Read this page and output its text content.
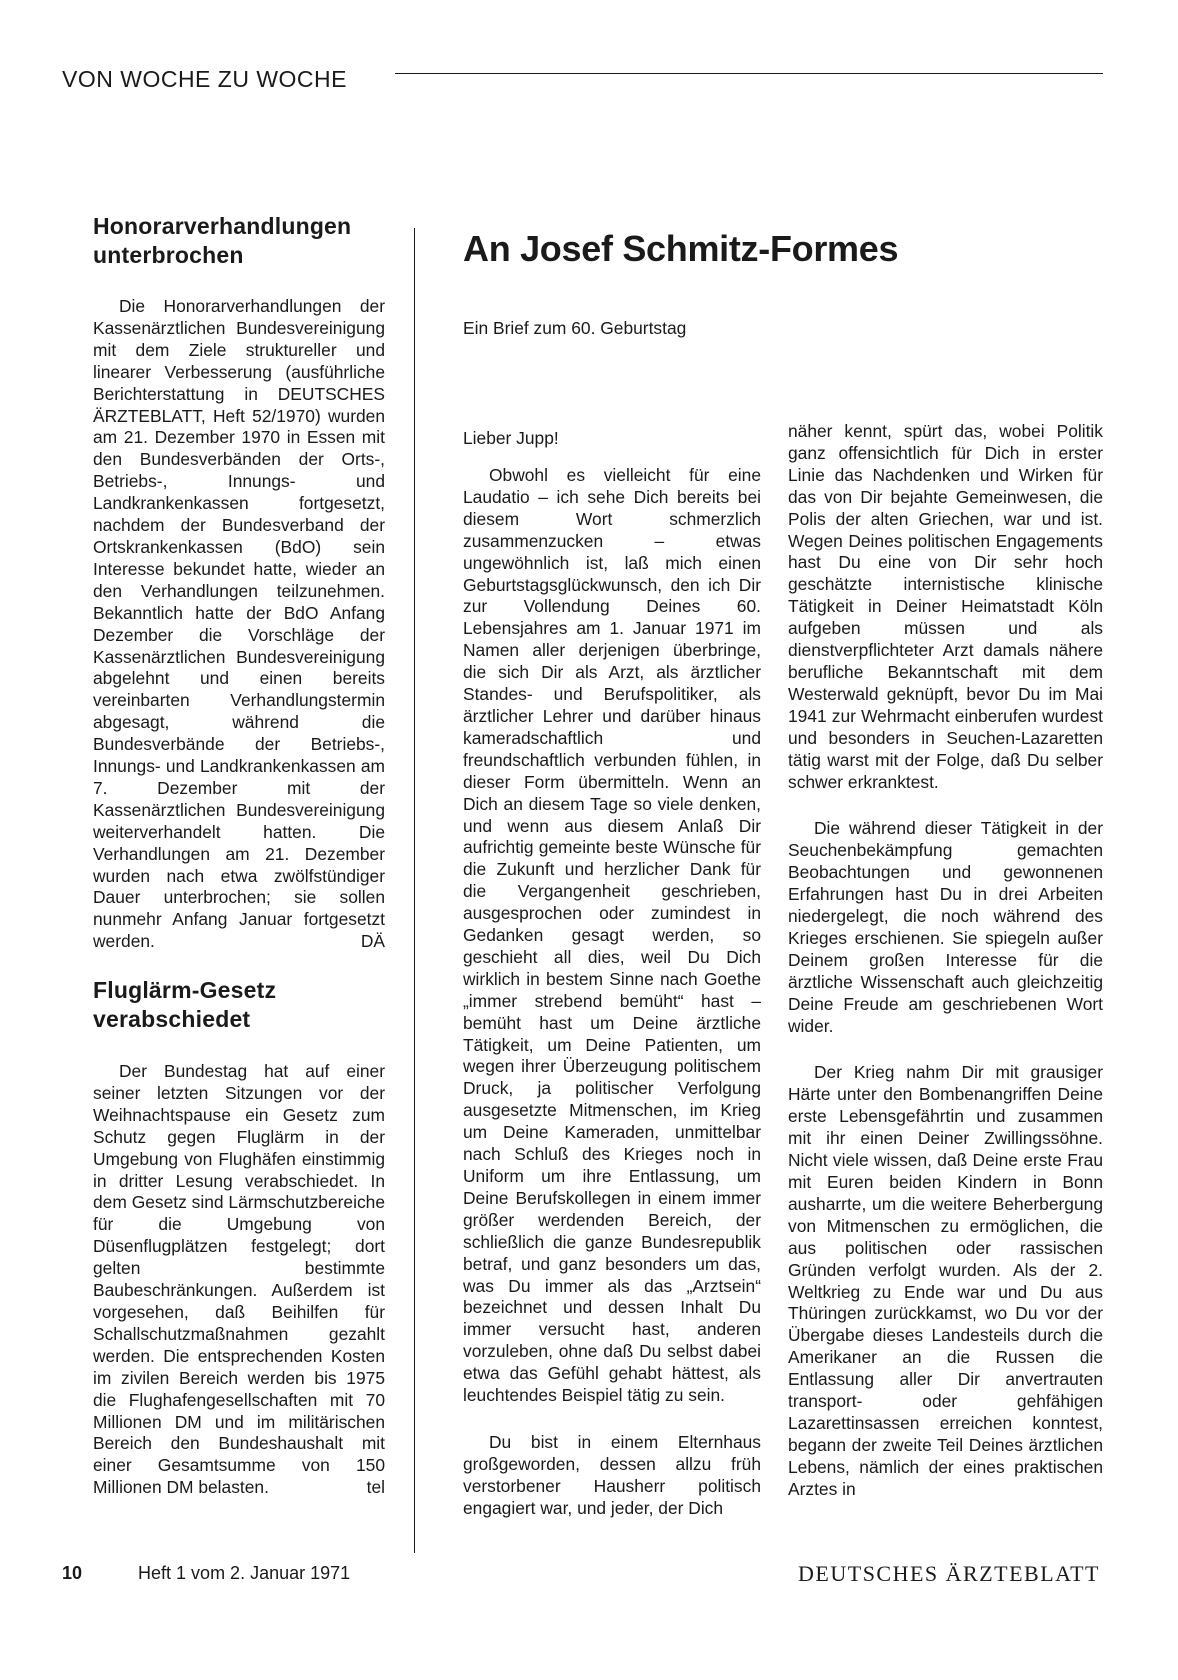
VON WOCHE ZU WOCHE
Honorarverhandlungen
unterbrochen

Die Honorarverhandlungen der Kassenärztlichen Bundesvereinigung mit dem Ziele struktureller und linearer Verbesserung (ausführliche Berichterstattung in DEUTSCHES ÄRZTEBLATT, Heft 52/1970) wurden am 21. Dezember 1970 in Essen mit den Bundesverbänden der Orts-, Betriebs-, Innungs- und Landkrankenkassen fortgesetzt, nachdem der Bundesverband der Ortskrankenkassen (BdO) sein Interesse bekundet hatte, wieder an den Verhandlungen teilzunehmen. Bekanntlich hatte der BdO Anfang Dezember die Vorschläge der Kassenärztlichen Bundesvereinigung abgelehnt und einen bereits vereinbarten Verhandlungstermin abgesagt, während die Bundesverbände der Betriebs-, Innungs- und Landkrankenkassen am 7. Dezember mit der Kassenärztlichen Bundesvereinigung weiterverhandelt hatten. Die Verhandlungen am 21. Dezember wurden nach etwa zwölfstündiger Dauer unterbrochen; sie sollen nunmehr Anfang Januar fortgesetzt werden.	DÄ

Fluglärm-Gesetz
verabschiedet

Der Bundestag hat auf einer seiner letzten Sitzungen vor der Weihnachtspause ein Gesetz zum Schutz gegen Fluglärm in der Umgebung von Flughäfen einstimmig in dritter Lesung verabschiedet. In dem Gesetz sind Lärmschutzbereiche für die Umgebung von Düsenflugplätzen festgelegt; dort gelten bestimmte Baubeschränkungen. Außerdem ist vorgesehen, daß Beihilfen für Schallschutzmaßnahmen gezahlt werden. Die entsprechenden Kosten im zivilen Bereich werden bis 1975 die Flughafengesellschaften mit 70 Millionen DM und im militärischen Bereich den Bundeshaushalt mit einer Gesamtsumme von 150 Millionen DM belasten.	tel

An Josef Schmitz-Formes
Ein Brief zum 60. Geburtstag
Lieber Jupp!

Obwohl es vielleicht für eine Laudatio – ich sehe Dich bereits bei diesem Wort schmerzlich zusammenzucken – etwas ungewöhnlich ist, laß mich einen Geburtstagsglückwunsch, den ich Dir zur Vollendung Deines 60. Lebensjahres am 1. Januar 1971 im Namen aller derjenigen überbringe, die sich Dir als Arzt, als ärztlicher Standes- und Berufspolitiker, als ärztlicher Lehrer und darüber hinaus kameradschaftlich und freundschaftlich verbunden fühlen, in dieser Form übermitteln. Wenn an Dich an diesem Tage so viele denken, und wenn aus diesem Anlaß Dir aufrichtig gemeinte beste Wünsche für die Zukunft und herzlicher Dank für die Vergangenheit geschrieben, ausgesprochen oder zumindest in Gedanken gesagt werden, so geschieht all dies, weil Du Dich wirklich in bestem Sinne nach Goethe „immer strebend bemüht“ hast – bemüht hast um Deine ärztliche Tätigkeit, um Deine Patienten, um wegen ihrer Überzeugung politischem Druck, ja politischer Verfolgung ausgesetzte Mitmenschen, im Krieg um Deine Kameraden, unmittelbar nach Schluß des Krieges noch in Uniform um ihre Entlassung, um Deine Berufskollegen in einem immer größer werdenden Bereich, der schließlich die ganze Bundesrepublik betraf, und ganz besonders um das, was Du immer als das „Arztsein“ bezeichnet und dessen Inhalt Du immer versucht hast, anderen vorzuleben, ohne daß Du selbst dabei etwa das Gefühl gehabt hättest, als leuchtendes Beispiel tätig zu sein.

Du bist in einem Elternhaus großgeworden, dessen allzu früh verstorbener Hausherr politisch engagiert war, und jeder, der Dich

näher kennt, spürt das, wobei Politik ganz offensichtlich für Dich in erster Linie das Nachdenken und Wirken für das von Dir bejahte Gemeinwesen, die Polis der alten Griechen, war und ist. Wegen Deines politischen Engagements hast Du eine von Dir sehr hoch geschätzte internistische klinische Tätigkeit in Deiner Heimatstadt Köln aufgeben müssen und als dienstverpflichteter Arzt damals nähere berufliche Bekanntschaft mit dem Westerwald geknüpft, bevor Du im Mai 1941 zur Wehrmacht einberufen wurdest und besonders in Seuchen-Lazaretten tätig warst mit der Folge, daß Du selber schwer erkranktest.

Die während dieser Tätigkeit in der Seuchenbekämpfung gemachten Beobachtungen und gewonnenen Erfahrungen hast Du in drei Arbeiten niedergelegt, die noch während des Krieges erschienen. Sie spiegeln außer Deinem großen Interesse für die ärztliche Wissenschaft auch gleichzeitig Deine Freude am geschriebenen Wort wider.

Der Krieg nahm Dir mit grausiger Härte unter den Bombenangriffen Deine erste Lebensgefährtin und zusammen mit ihr einen Deiner Zwillingssöhne. Nicht viele wissen, daß Deine erste Frau mit Euren beiden Kindern in Bonn ausharrte, um die weitere Beherbergung von Mitmenschen zu ermöglichen, die aus politischen oder rassischen Gründen verfolgt wurden. Als der 2. Weltkrieg zu Ende war und Du aus Thüringen zurückkamst, wo Du vor der Übergabe dieses Landesteils durch die Amerikaner an die Russen die Entlassung aller Dir anvertrauten transport- oder gehfähigen Lazarettinsassen erreichen konntest, begann der zweite Teil Deines ärztlichen Lebens, nämlich der eines praktischen Arztes in

10	Heft 1 vom 2. Januar 1971	DEUTSCHES ÄRZTEBLATT
